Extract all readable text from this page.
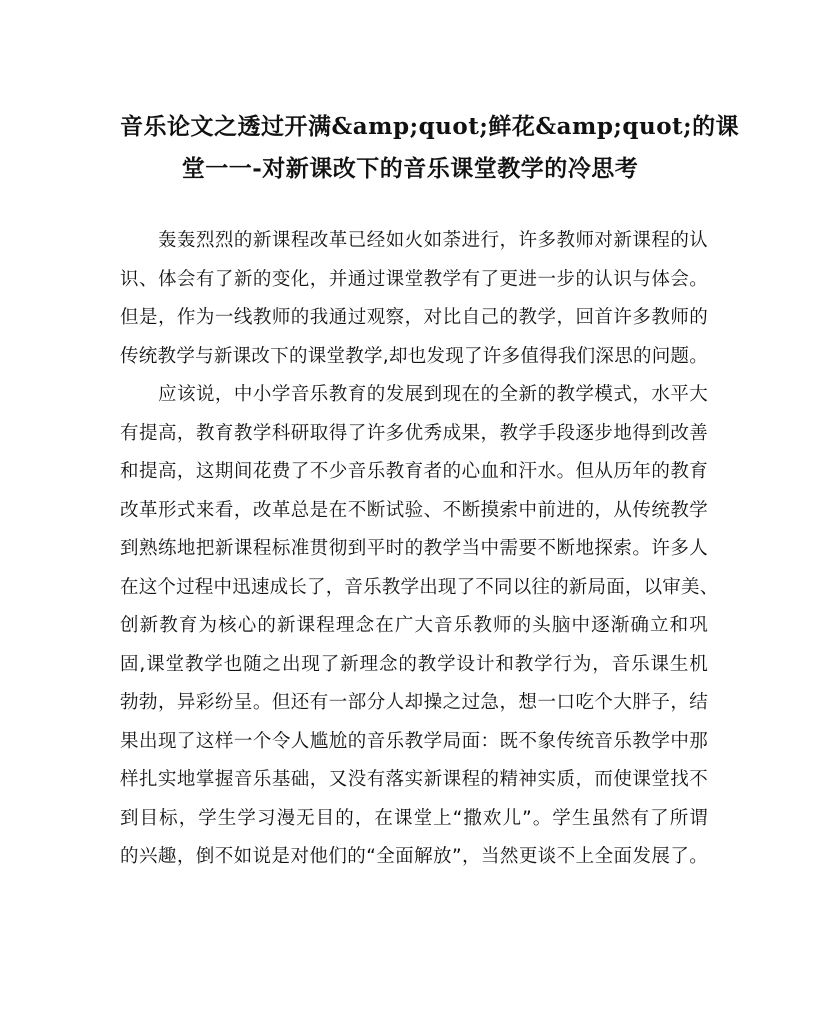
音乐论文之透过开满&amp;quot;鲜花&amp;quot;的课
堂一一-对新课改下的音乐课堂教学的冷思考
轰轰烈烈的新课程改革已经如火如荼进行，许多教师对新课程的认
识、体会有了新的变化，并通过课堂教学有了更进一步的认识与体会。
但是，作为一线教师的我通过观察，对比自己的教学，回首许多教师的
传统教学与新课改下的课堂教学,却也发现了许多值得我们深思的问题。
应该说，中小学音乐教育的发展到现在的全新的教学模式，水平大
有提高，教育教学科研取得了许多优秀成果，教学手段逐步地得到改善
和提高，这期间花费了不少音乐教育者的心血和汗水。但从历年的教育
改革形式来看，改革总是在不断试验、不断摸索中前进的，从传统教学
到熟练地把新课程标准贯彻到平时的教学当中需要不断地探索。许多人
在这个过程中迅速成长了，音乐教学出现了不同以往的新局面，以审美、
创新教育为核心的新课程理念在广大音乐教师的头脑中逐渐确立和巩
固,课堂教学也随之出现了新理念的教学设计和教学行为，音乐课生机
勃勃，异彩纷呈。但还有一部分人却操之过急，想一口吃个大胖子，结
果出现了这样一个令人尴尬的音乐教学局面：既不象传统音乐教学中那
样扎实地掌握音乐基础，又没有落实新课程的精神实质，而使课堂找不
到目标，学生学习漫无目的，在课堂上“撒欢儿”。学生虽然有了所谓
的兴趣，倒不如说是对他们的“全面解放”，当然更谈不上全面发展了。
